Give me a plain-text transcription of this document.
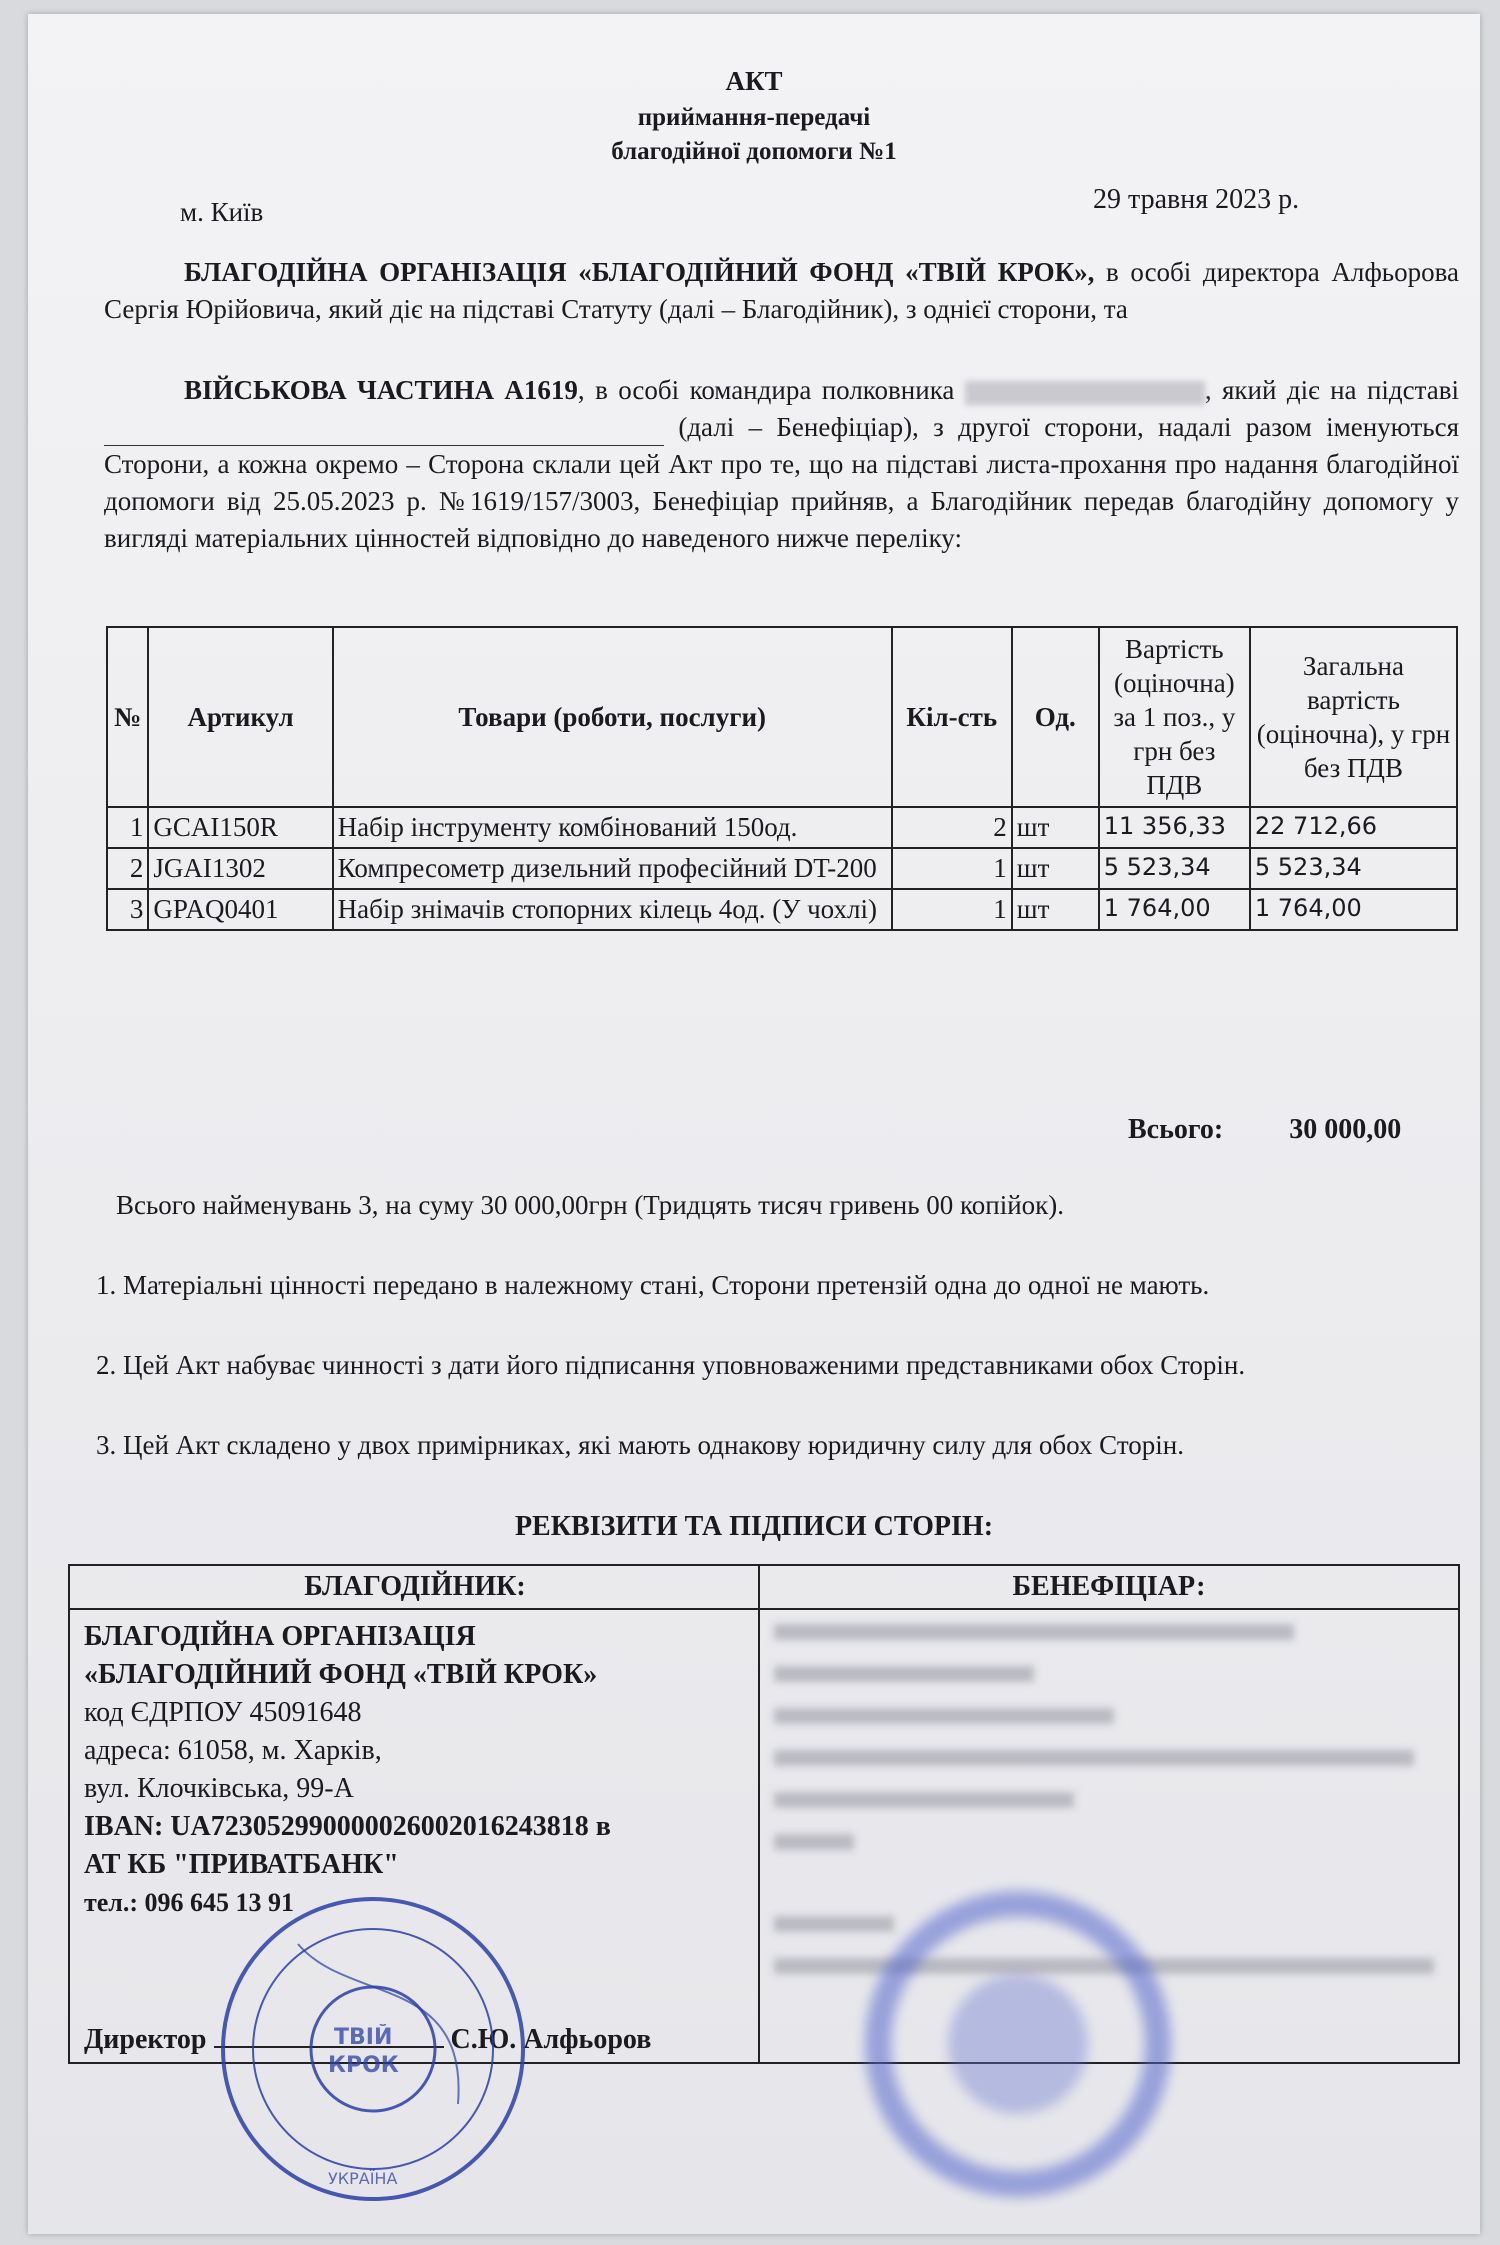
АКТ
приймання-передачі
благодійної допомоги №1
м. Київ	29 травня 2023 р.
БЛАГОДІЙНА ОРГАНІЗАЦІЯ «БЛАГОДІЙНИЙ ФОНД «ТВІЙ КРОК», в особі директора Алфьорова Сергія Юрійовича, який діє на підставі Статуту (далі – Благодійник), з однієї сторони, та
ВІЙСЬКОВА ЧАСТИНА А1619, в особі командира полковника	, який діє на підставі  (далі – Бенефіціар), з другої сторони, надалі разом іменуються Сторони, а кожна окремо – Сторона склали цей Акт про те, що на підставі листа-прохання про надання благодійної допомоги від 25.05.2023 р. №1619/157/3003, Бенефіціар прийняв, а Благодійник передав благодійну допомогу у вигляді матеріальних цінностей відповідно до наведеного нижче переліку:
№	Артикул	Товари (роботи, послуги)	Кіл-сть	Од.	Вартість (оціночна) за 1 поз., у грн без ПДВ	Загальна вартість (оціночна), у грн без ПДВ
1	GCAI150R	Набір інструменту комбінований 150од.	2	шт	11 356,33	22 712,66
2	JGAI1302	Компресометр дизельний професійний DT-200	1	шт	5 523,34	5 523,34
3	GPAQ0401	Набір знімачів стопорних кілець 4од. (У чохлі)	1	шт	1 764,00	1 764,00
Всього: 30 000,00
Всього найменувань 3, на суму 30 000,00грн (Тридцять тисяч гривень 00 копійок).
1. Матеріальні цінності передано в належному стані, Сторони претензій одна до одної не мають.
2. Цей Акт набуває чинності з дати його підписання уповноваженими представниками обох Сторін.
3. Цей Акт складено у двох примірниках, які мають однакову юридичну силу для обох Сторін.
РЕКВІЗИТИ ТА ПІДПИСИ СТОРІН:
БЛАГОДІЙНИК:
БЛАГОДІЙНА ОРГАНІЗАЦІЯ
«БЛАГОДІЙНИЙ ФОНД «ТВІЙ КРОК»
код ЄДРПОУ 45091648
адреса: 61058, м. Харків,
вул. Клочківська, 99-А
IBAN: UA723052990000026002016243818 в
АТ КБ "ПРИВАТБАНК"
тел.: 096 645 13 91
Директор	С.Ю. Алфьоров
БЕНЕФІЦІАР:
ТВІЙ
КРОК
УКРАЇНА
